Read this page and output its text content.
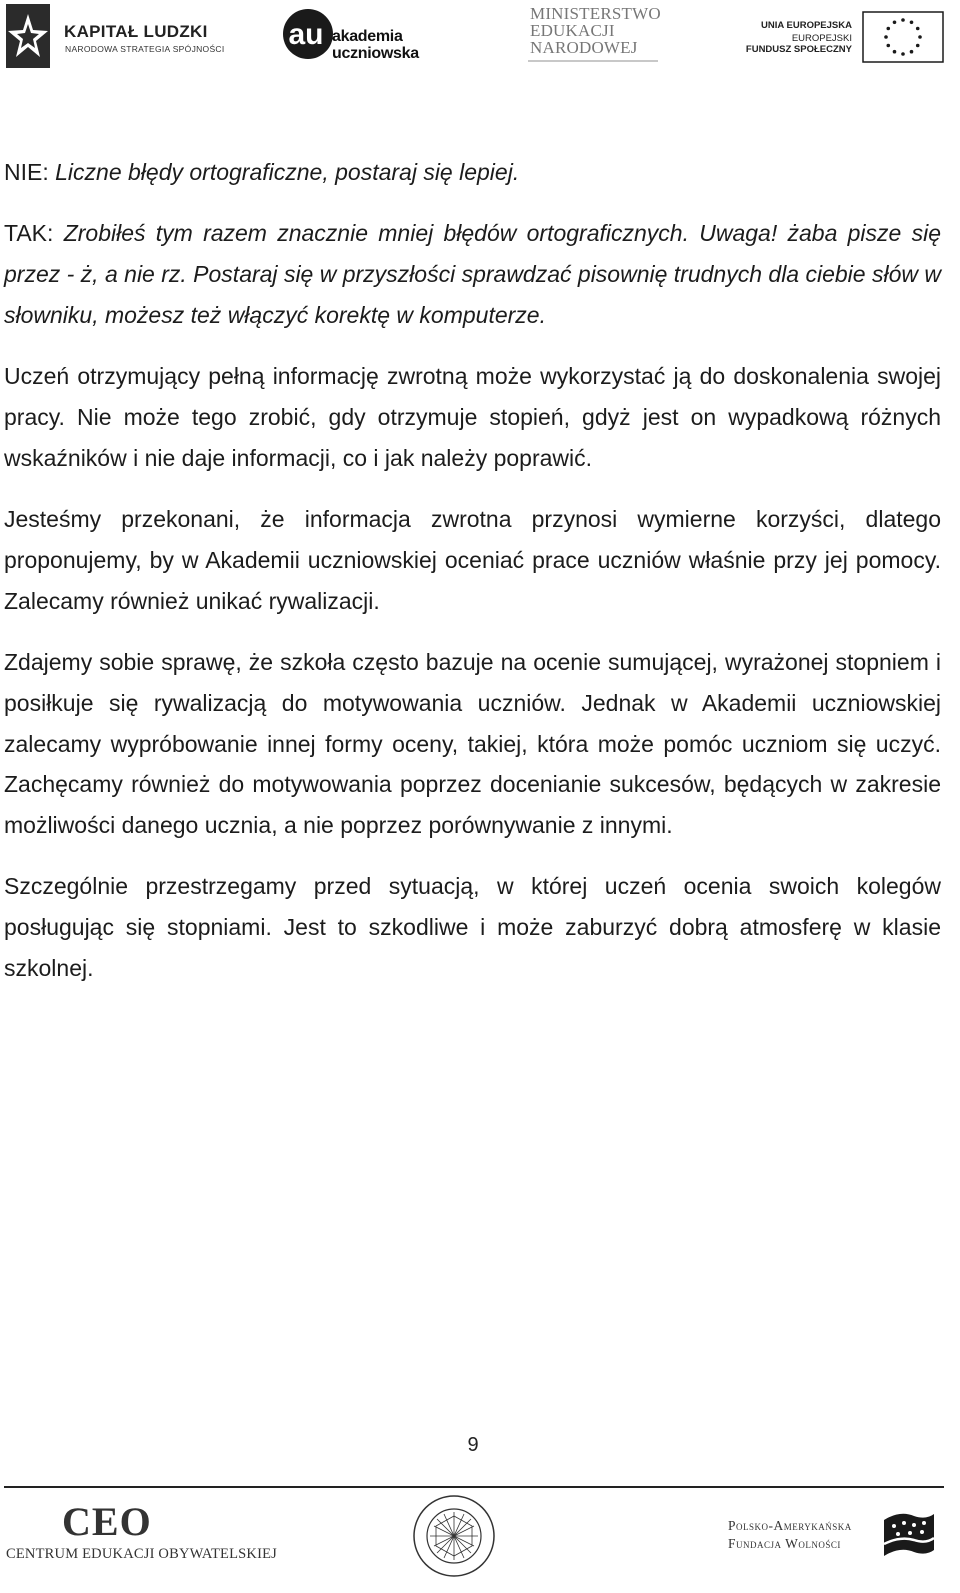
KAPITAŁ LUDZKI
NARODOWA STRATEGIA SPÓJNOŚCI au akademia
uczniowska
MINISTERSTWO
EDUKACJI
NARODOWEJ
UNIA EUROPEJSKA
EUROPEJSKI
FUNDUSZ SPOŁECZNY

NIE: Liczne błędy ortograficzne, postaraj się lepiej.

TAK: Zrobiłeś tym razem znacznie mniej błędów ortograficznych. Uwaga! żaba pisze się przez - ż, a nie rz. Postaraj się w przyszłości sprawdzać pisownię trudnych dla ciebie słów w słowniku, możesz też włączyć korektę w komputerze.

Uczeń otrzymujący pełną informację zwrotną może wykorzystać ją do doskonalenia swojej pracy. Nie może tego zrobić, gdy otrzymuje stopień, gdyż jest on wypadkową różnych wskaźników i nie daje informacji, co i jak należy poprawić.

Jesteśmy przekonani, że informacja zwrotna przynosi wymierne korzyści, dlatego proponujemy, by w Akademii uczniowskiej oceniać prace uczniów właśnie przy jej pomocy. Zalecamy również unikać rywalizacji.

Zdajemy sobie sprawę, że szkoła często bazuje na ocenie sumującej, wyrażonej stopniem i posiłkuje się rywalizacją do motywowania uczniów. Jednak w Akademii uczniowskiej zalecamy wypróbowanie innej formy oceny, takiej, która może pomóc uczniom się uczyć. Zachęcamy również do motywowania poprzez docenianie sukcesów, będących w zakresie możliwości danego ucznia, a nie poprzez porównywanie z innymi.

Szczególnie przestrzegamy przed sytuacją, w której uczeń ocenia swoich kolegów posługując się stopniami. Jest to szkodliwe i może zaburzyć dobrą atmosferę w klasie szkolnej.

9
CEO
CENTRUM EDUKACJI OBYWATELSKIEJ
Polsko-Amerykańska
Fundacja Wolności
